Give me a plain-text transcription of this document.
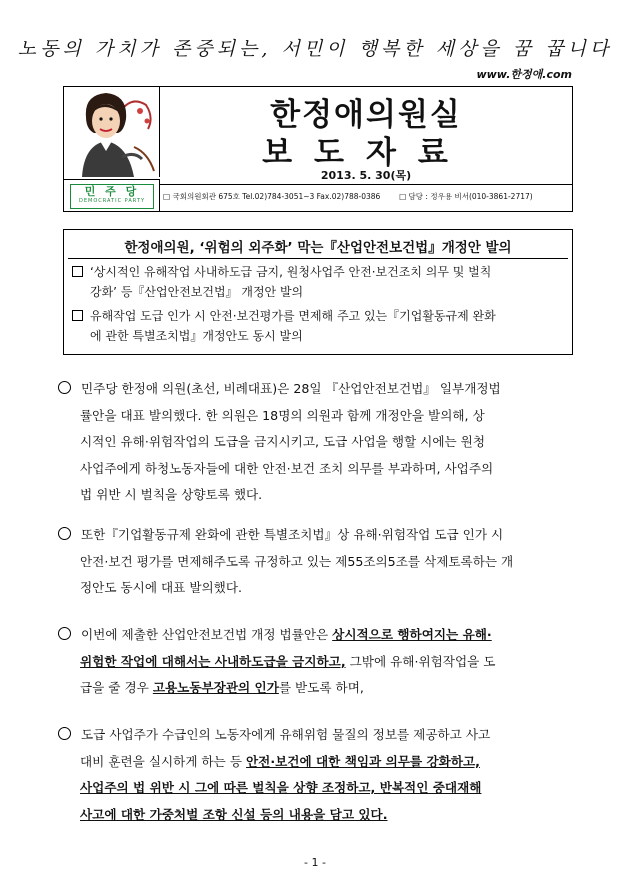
노동의 가치가 존중되는, 서민이 행복한 세상을 꿈 꿉니다
www.한정애.com
민 주 당
DEMOCRATIC PARTY
한정애의원실
보도자료
2013. 5. 30(목)
□ 국회의원회관 675호 Tel.02)784-3051~3 Fax.02)788-0386	□ 담당 : 정우용 비서(010-3861-2717)
한정애의원, ‘위험의 외주화’ 막는『산업안전보건법』개정안 발의
‘상시적인 유해작업 사내하도급 금지, 원청사업주 안전·보건조치 의무 및 벌칙
강화’ 등『산업안전보건법』 개정안 발의
유해작업 도급 인가 시 안전·보건평가를 면제해 주고 있는『기업활동규제 완화
에 관한 특별조치법』개정안도 동시 발의
민주당 한정애 의원(초선, 비례대표)은 28일 『산업안전보건법』 일부개정법
률안을 대표 발의했다. 한 의원은 18명의 의원과 함께 개정안을 발의해, 상
시적인 유해·위험작업의 도급을 금지시키고, 도급 사업을 행할 시에는 원청
사업주에게 하청노동자들에 대한 안전·보건 조치 의무를 부과하며, 사업주의
법 위반 시 벌칙을 상향토록 했다.
또한『기업활동규제 완화에 관한 특별조치법』상 유해·위험작업 도급 인가 시
안전·보건 평가를 면제해주도록 규정하고 있는 제55조의5조를 삭제토록하는 개
정안도 동시에 대표 발의했다.
이번에 제출한 산업안전보건법 개정 법률안은 상시적으로 행하여지는 유해·
위험한 작업에 대해서는 사내하도급을 금지하고, 그밖에 유해·위험작업을 도
급을 줄 경우 고용노동부장관의 인가를 받도록 하며,
도급 사업주가 수급인의 노동자에게 유해위험 물질의 정보를 제공하고 사고
대비 훈련을 실시하게 하는 등 안전·보건에 대한 책임과 의무를 강화하고,
사업주의 법 위반 시 그에 따른 벌칙을 상향 조정하고, 반복적인 중대재해
사고에 대한 가중처벌 조항 신설 등의 내용을 담고 있다.
- 1 -
